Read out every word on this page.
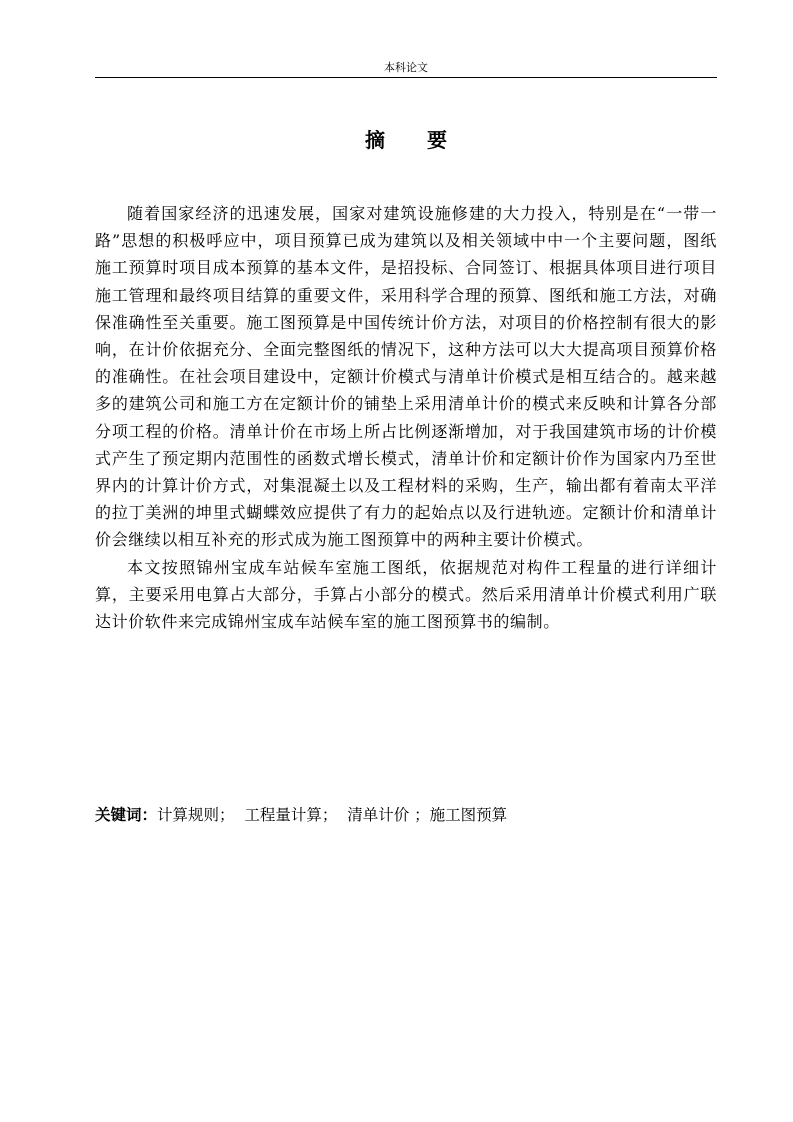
本科论文
摘要

随着国家经济的迅速发展，国家对建筑设施修建的大力投入，特别是在“一带一路”思想的积极呼应中，项目预算已成为建筑以及相关领域中中一个主要问题，图纸施工预算时项目成本预算的基本文件，是招投标、合同签订、根据具体项目进行项目施工管理和最终项目结算的重要文件，采用科学合理的预算、图纸和施工方法，对确保准确性至关重要。施工图预算是中国传统计价方法，对项目的价格控制有很大的影响，在计价依据充分、全面完整图纸的情况下，这种方法可以大大提高项目预算价格的准确性。在社会项目建设中，定额计价模式与清单计价模式是相互结合的。越来越多的建筑公司和施工方在定额计价的铺垫上采用清单计价的模式来反映和计算各分部分项工程的价格。清单计价在市场上所占比例逐渐增加，对于我国建筑市场的计价模式产生了预定期内范围性的函数式增长模式，清单计价和定额计价作为国家内乃至世界内的计算计价方式，对集混凝土以及工程材料的采购，生产，输出都有着南太平洋的拉丁美洲的坤里式蝴蝶效应提供了有力的起始点以及行进轨迹。定额计价和清单计价会继续以相互补充的形式成为施工图预算中的两种主要计价模式。

本文按照锦州宝成车站候车室施工图纸，依据规范对构件工程量的进行详细计算，主要采用电算占大部分，手算占小部分的模式。然后采用清单计价模式利用广联达计价软件来完成锦州宝成车站候车室的施工图预算书的编制。

关键词：计算规则；  工程量计算；  清单计价 ；施工图预算
